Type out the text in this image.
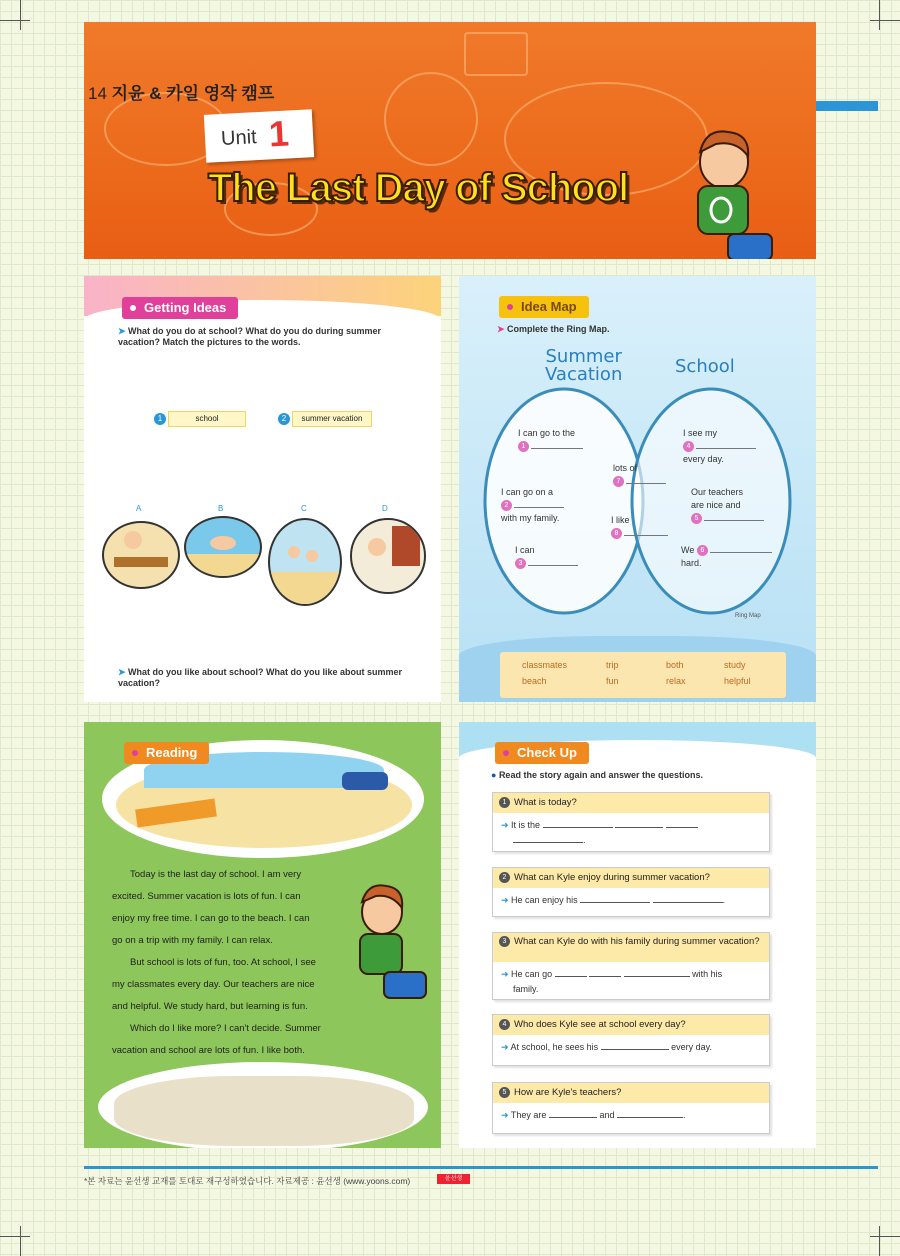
14 지윤 & 카일 영작 캠프
Unit 1
The Last Day of School
Getting Ideas
➤ What do you do at school? What do you do during summer vacation? Match the pictures to the words.
1	school	2	summer vacation
A	B	C	D
➤ What do you like about school? What do you like about summer vacation?
Idea Map
➤ Complete the Ring Map.
Summer
Vacation	School
I can go to the
1
I can go on a
2
with my family.
I can
3
lots of
7
I like
8
I see my
4
every day.
Our teachers
are nice and
5
We 6
hard.
Ring Map
classmates	trip	both	study
beach	fun	relax	helpful
Reading
Today is the last day of school. I am very
excited. Summer vacation is lots of fun. I can
enjoy my free time. I can go to the beach. I can
go on a trip with my family. I can relax.
But school is lots of fun, too. At school, I see
my classmates every day. Our teachers are nice
and helpful. We study hard, but learning is fun.
Which do I like more? I can't decide. Summer
vacation and school are lots of fun. I like both.
Check Up
● Read the story again and answer the questions.
1 What is today?
➜ It is the
.
2 What can Kyle enjoy during summer vacation?
➜ He can enjoy his	.
3 What can Kyle do with his family during summer vacation?
➜ He can go	with his
family.
4 Who does Kyle see at school every day?
➜ At school, he sees his	every day.
5 How are Kyle's teachers?
➜ They are	and	.
*본 자료는 윤선생 교재를 토대로 재구성하였습니다. 자료제공 : 윤선생 (www.yoons.com)	윤선생
